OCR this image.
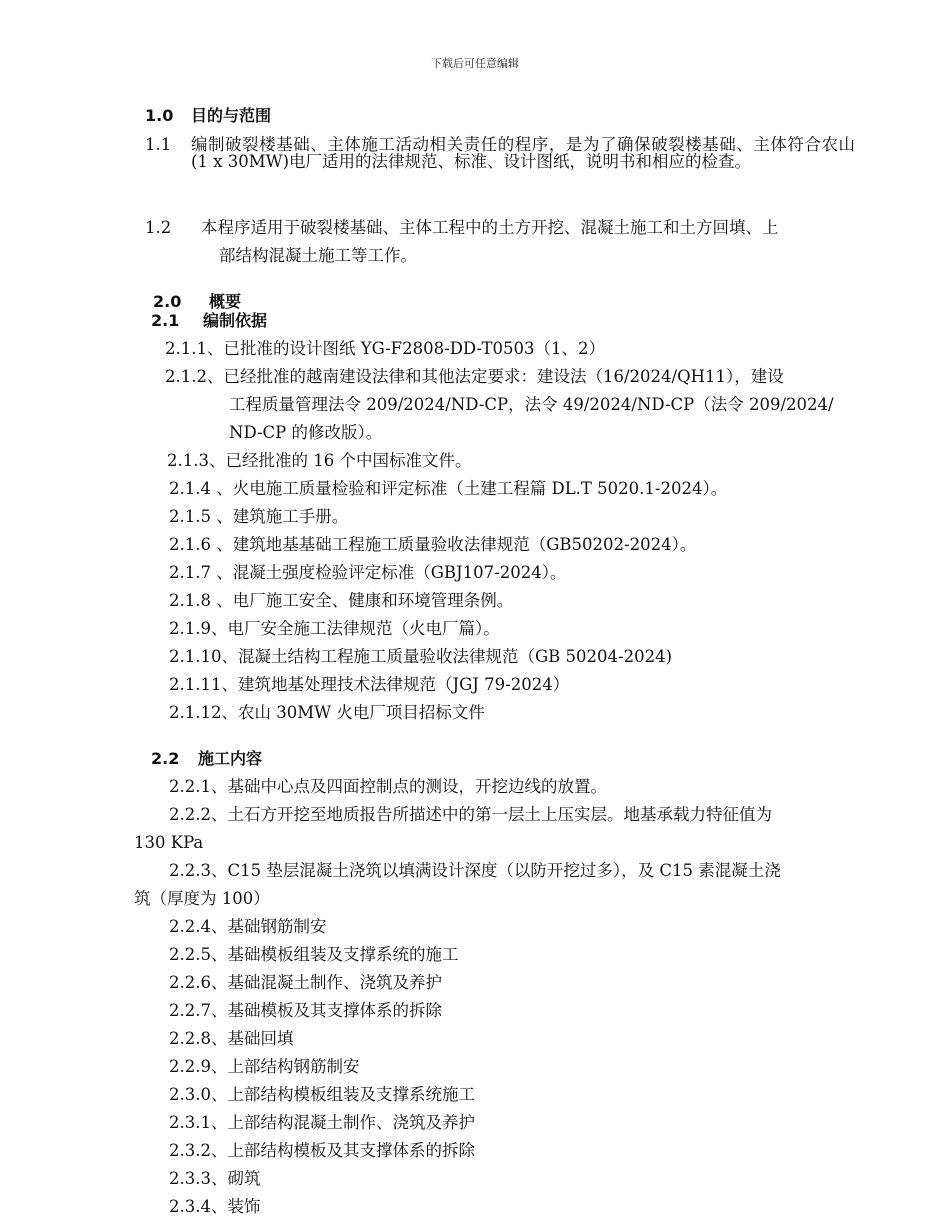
下载后可任意编辑
1.0 目的与范围
1.1 编制破裂楼基础、主体施工活动相关责任的程序，是为了确保破裂楼基础、主体符合农山 (1 x 30MW)电厂适用的法律规范、标准、设计图纸，说明书和相应的检查。
1.2 本程序适用于破裂楼基础、主体工程中的土方开挖、混凝土施工和土方回填、上
部结构混凝土施工等工作。
2.0 概要
2.1 编制依据
2.1.1、已批准的设计图纸 YG-F2808-DD-T0503（1、2）
2.1.2、已经批准的越南建设法律和其他法定要求：建设法（16/2024/QH11），建设
工程质量管理法令 209/2024/ND-CP，法令 49/2024/ND-CP（法令 209/2024/
ND-CP 的修改版）。
2.1.3、已经批准的 16 个中国标准文件。
2.1.4 、火电施工质量检验和评定标准（土建工程篇 DL.T 5020.1-2024）。
2.1.5 、建筑施工手册。
2.1.6 、建筑地基基础工程施工质量验收法律规范（GB50202-2024）。
2.1.7 、混凝土强度检验评定标准（GBJ107-2024）。
2.1.8 、电厂施工安全、健康和环境管理条例。
2.1.9、电厂安全施工法律规范（火电厂篇）。
2.1.10、混凝土结构工程施工质量验收法律规范（GB 50204-2024)
2.1.11、建筑地基处理技术法律规范（JGJ 79-2024）
2.1.12、农山 30MW 火电厂项目招标文件
2.2 施工内容
2.2.1、基础中心点及四面控制点的测设，开挖边线的放置。
2.2.2、土石方开挖至地质报告所描述中的第一层土上压实层。地基承载力特征值为
130 KPa
2.2.3、C15 垫层混凝土浇筑以填满设计深度（以防开挖过多），及 C15 素混凝土浇
筑（厚度为 100）
2.2.4、基础钢筋制安
2.2.5、基础模板组装及支撑系统的施工
2.2.6、基础混凝土制作、浇筑及养护
2.2.7、基础模板及其支撑体系的拆除
2.2.8、基础回填
2.2.9、上部结构钢筋制安
2.3.0、上部结构模板组装及支撑系统施工
2.3.1、上部结构混凝土制作、浇筑及养护
2.3.2、上部结构模板及其支撑体系的拆除
2.3.3、砌筑
2.3.4、装饰
